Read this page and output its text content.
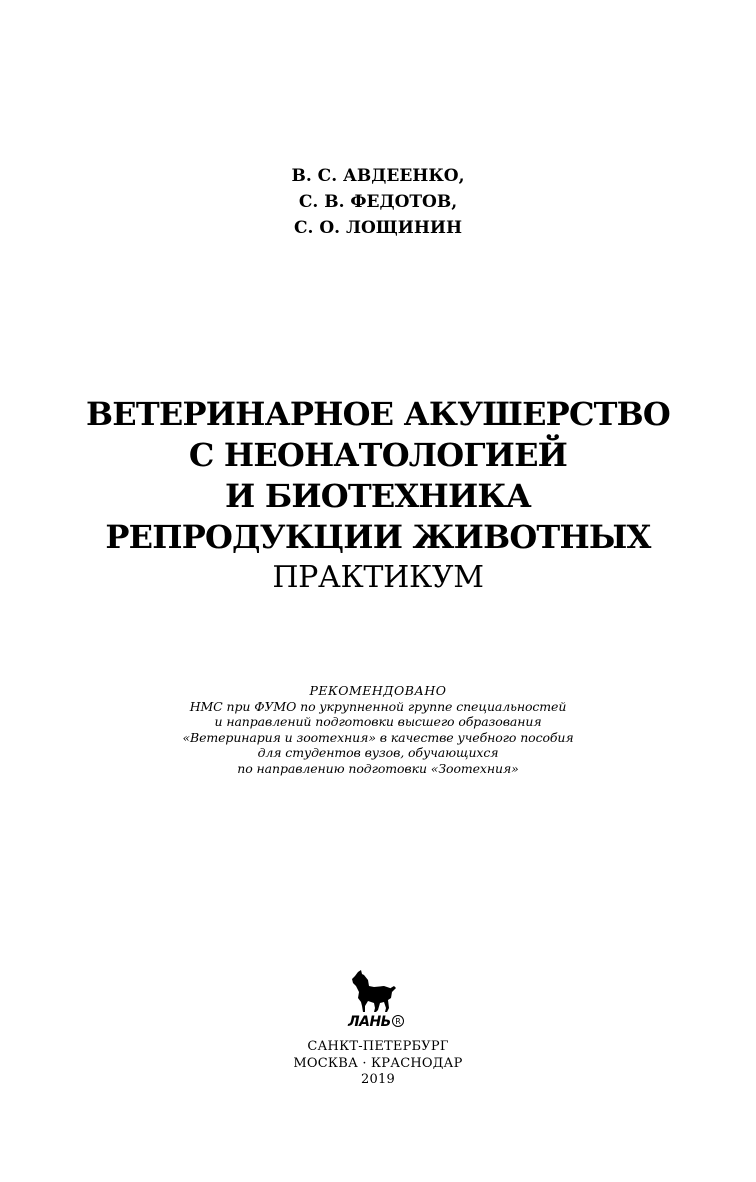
В. С. АВДЕЕНКО,
С. В. ФЕДОТОВ,
С. О. ЛОЩИНИН
ВЕТЕРИНАРНОЕ АКУШЕРСТВО
С НЕОНАТОЛОГИЕЙ
И БИОТЕХНИКА
РЕПРОДУКЦИИ ЖИВОТНЫХ
ПРАКТИКУМ
РЕКОМЕНДОВАНО
НМС при ФУМО по укрупненной группе специальностей
и направлений подготовки высшего образования
«Ветеринария и зоотехния» в качестве учебного пособия
для студентов вузов, обучающихся
по направлению подготовки «Зоотехния»
ЛАНЬ R
САНКТ-ПЕТЕРБУРГ
МОСКВА · КРАСНОДАР
2019
